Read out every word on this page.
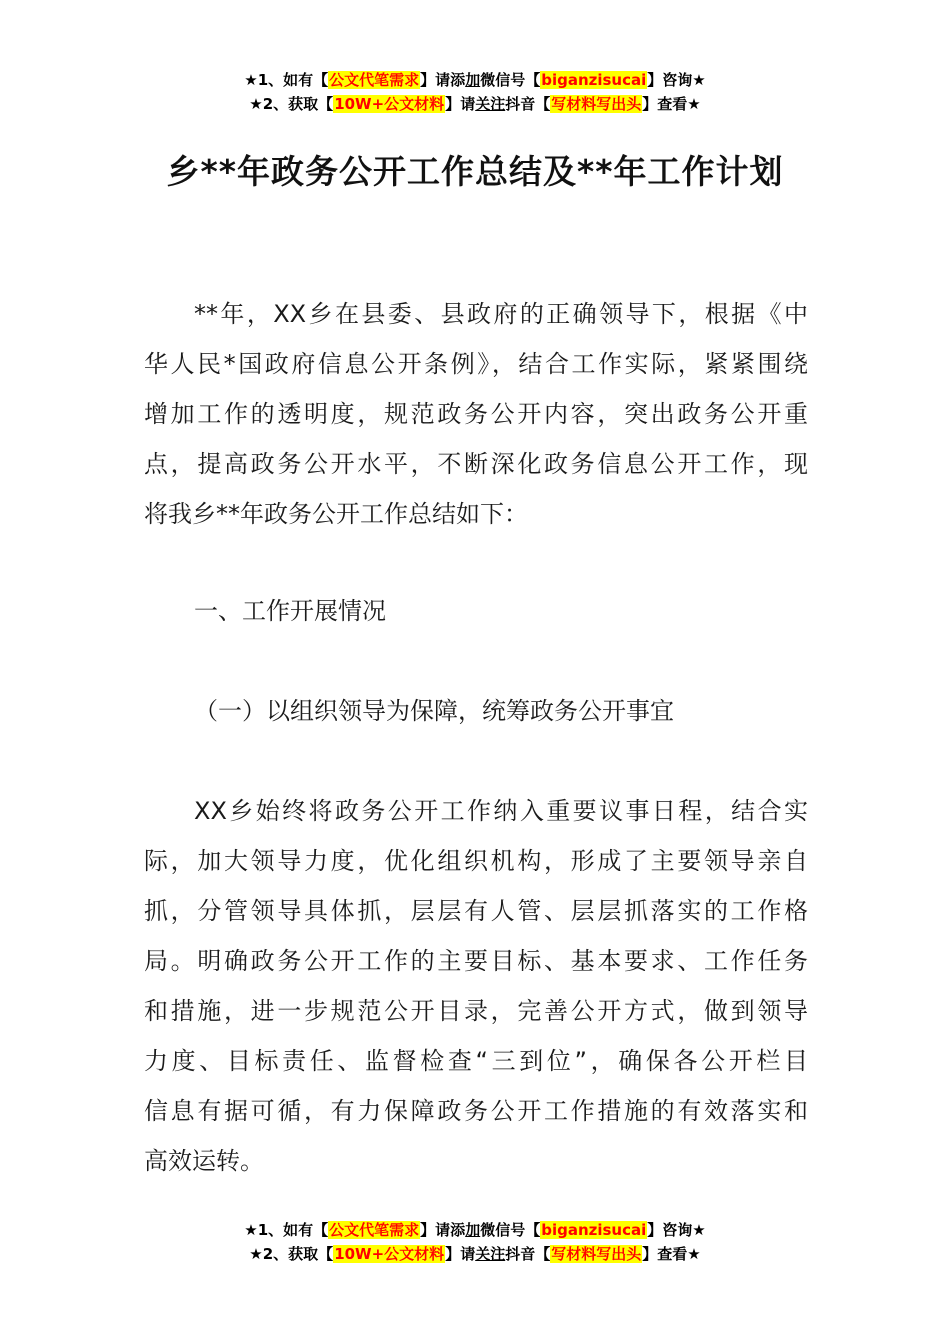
★1、如有【公文代笔需求】请添加微信号【biganzisucai】咨询★
★2、获取【10W+公文材料】请关注抖音【写材料写出头】查看★
乡**年政务公开工作总结及**年工作计划
**年，XX乡在县委、县政府的正确领导下，根据《中
华人民*国政府信息公开条例》，结合工作实际，紧紧围绕
增加工作的透明度，规范政务公开内容，突出政务公开重
点，提高政务公开水平，不断深化政务信息公开工作，现
将我乡**年政务公开工作总结如下：
一、工作开展情况
（一）以组织领导为保障，统筹政务公开事宜
XX乡始终将政务公开工作纳入重要议事日程，结合实
际，加大领导力度，优化组织机构，形成了主要领导亲自
抓，分管领导具体抓，层层有人管、层层抓落实的工作格
局。明确政务公开工作的主要目标、基本要求、工作任务
和措施，进一步规范公开目录，完善公开方式，做到领导
力度、目标责任、监督检查“三到位”，确保各公开栏目
信息有据可循，有力保障政务公开工作措施的有效落实和
高效运转。
★1、如有【公文代笔需求】请添加微信号【biganzisucai】咨询★
★2、获取【10W+公文材料】请关注抖音【写材料写出头】查看★
